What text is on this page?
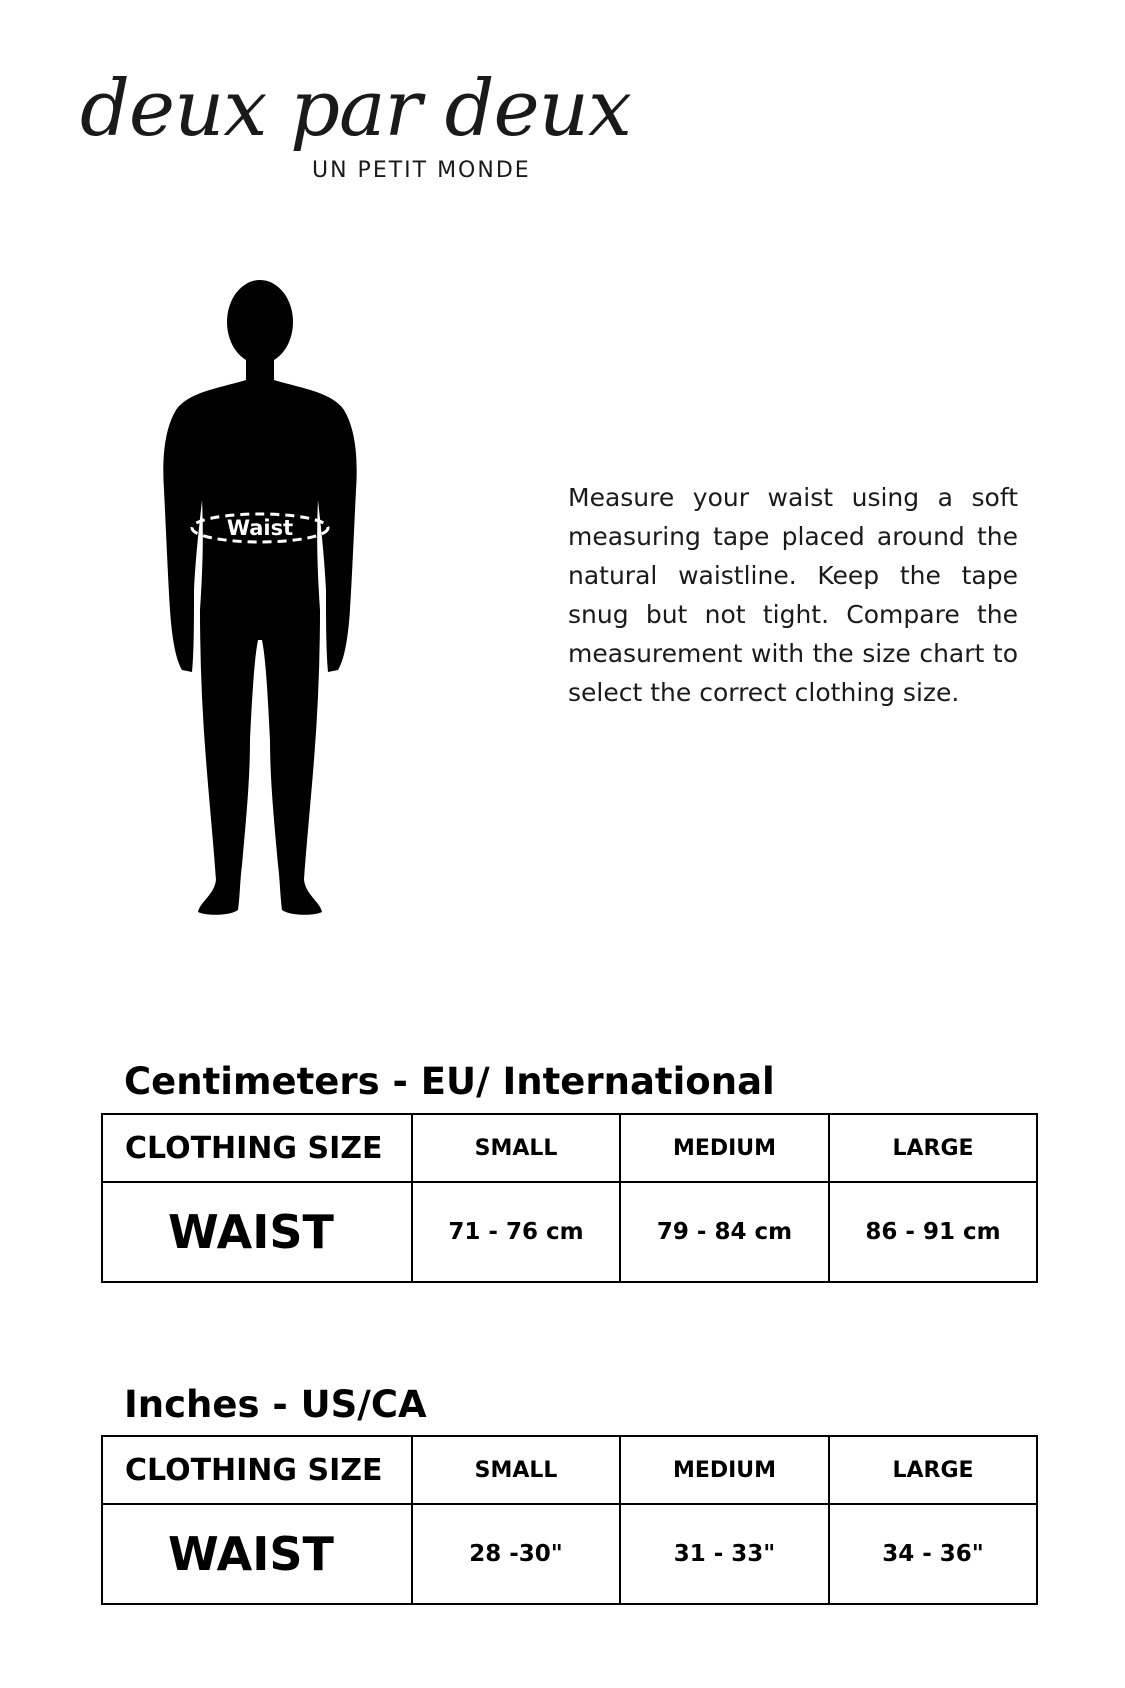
deux par deux
UN PETIT MONDE
Waist
Measure your waist using a soft measuring tape placed around the natural waistline. Keep the tape snug but not tight. Compare the measurement with the size chart to select the correct clothing size.
Centimeters - EU/ International
CLOTHING SIZE	SMALL	MEDIUM	LARGE
WAIST	71 - 76 cm	79 - 84 cm	86 - 91 cm
Inches - US/CA
CLOTHING SIZE	SMALL	MEDIUM	LARGE
WAIST	28 -30"	31 - 33"	34 - 36"
